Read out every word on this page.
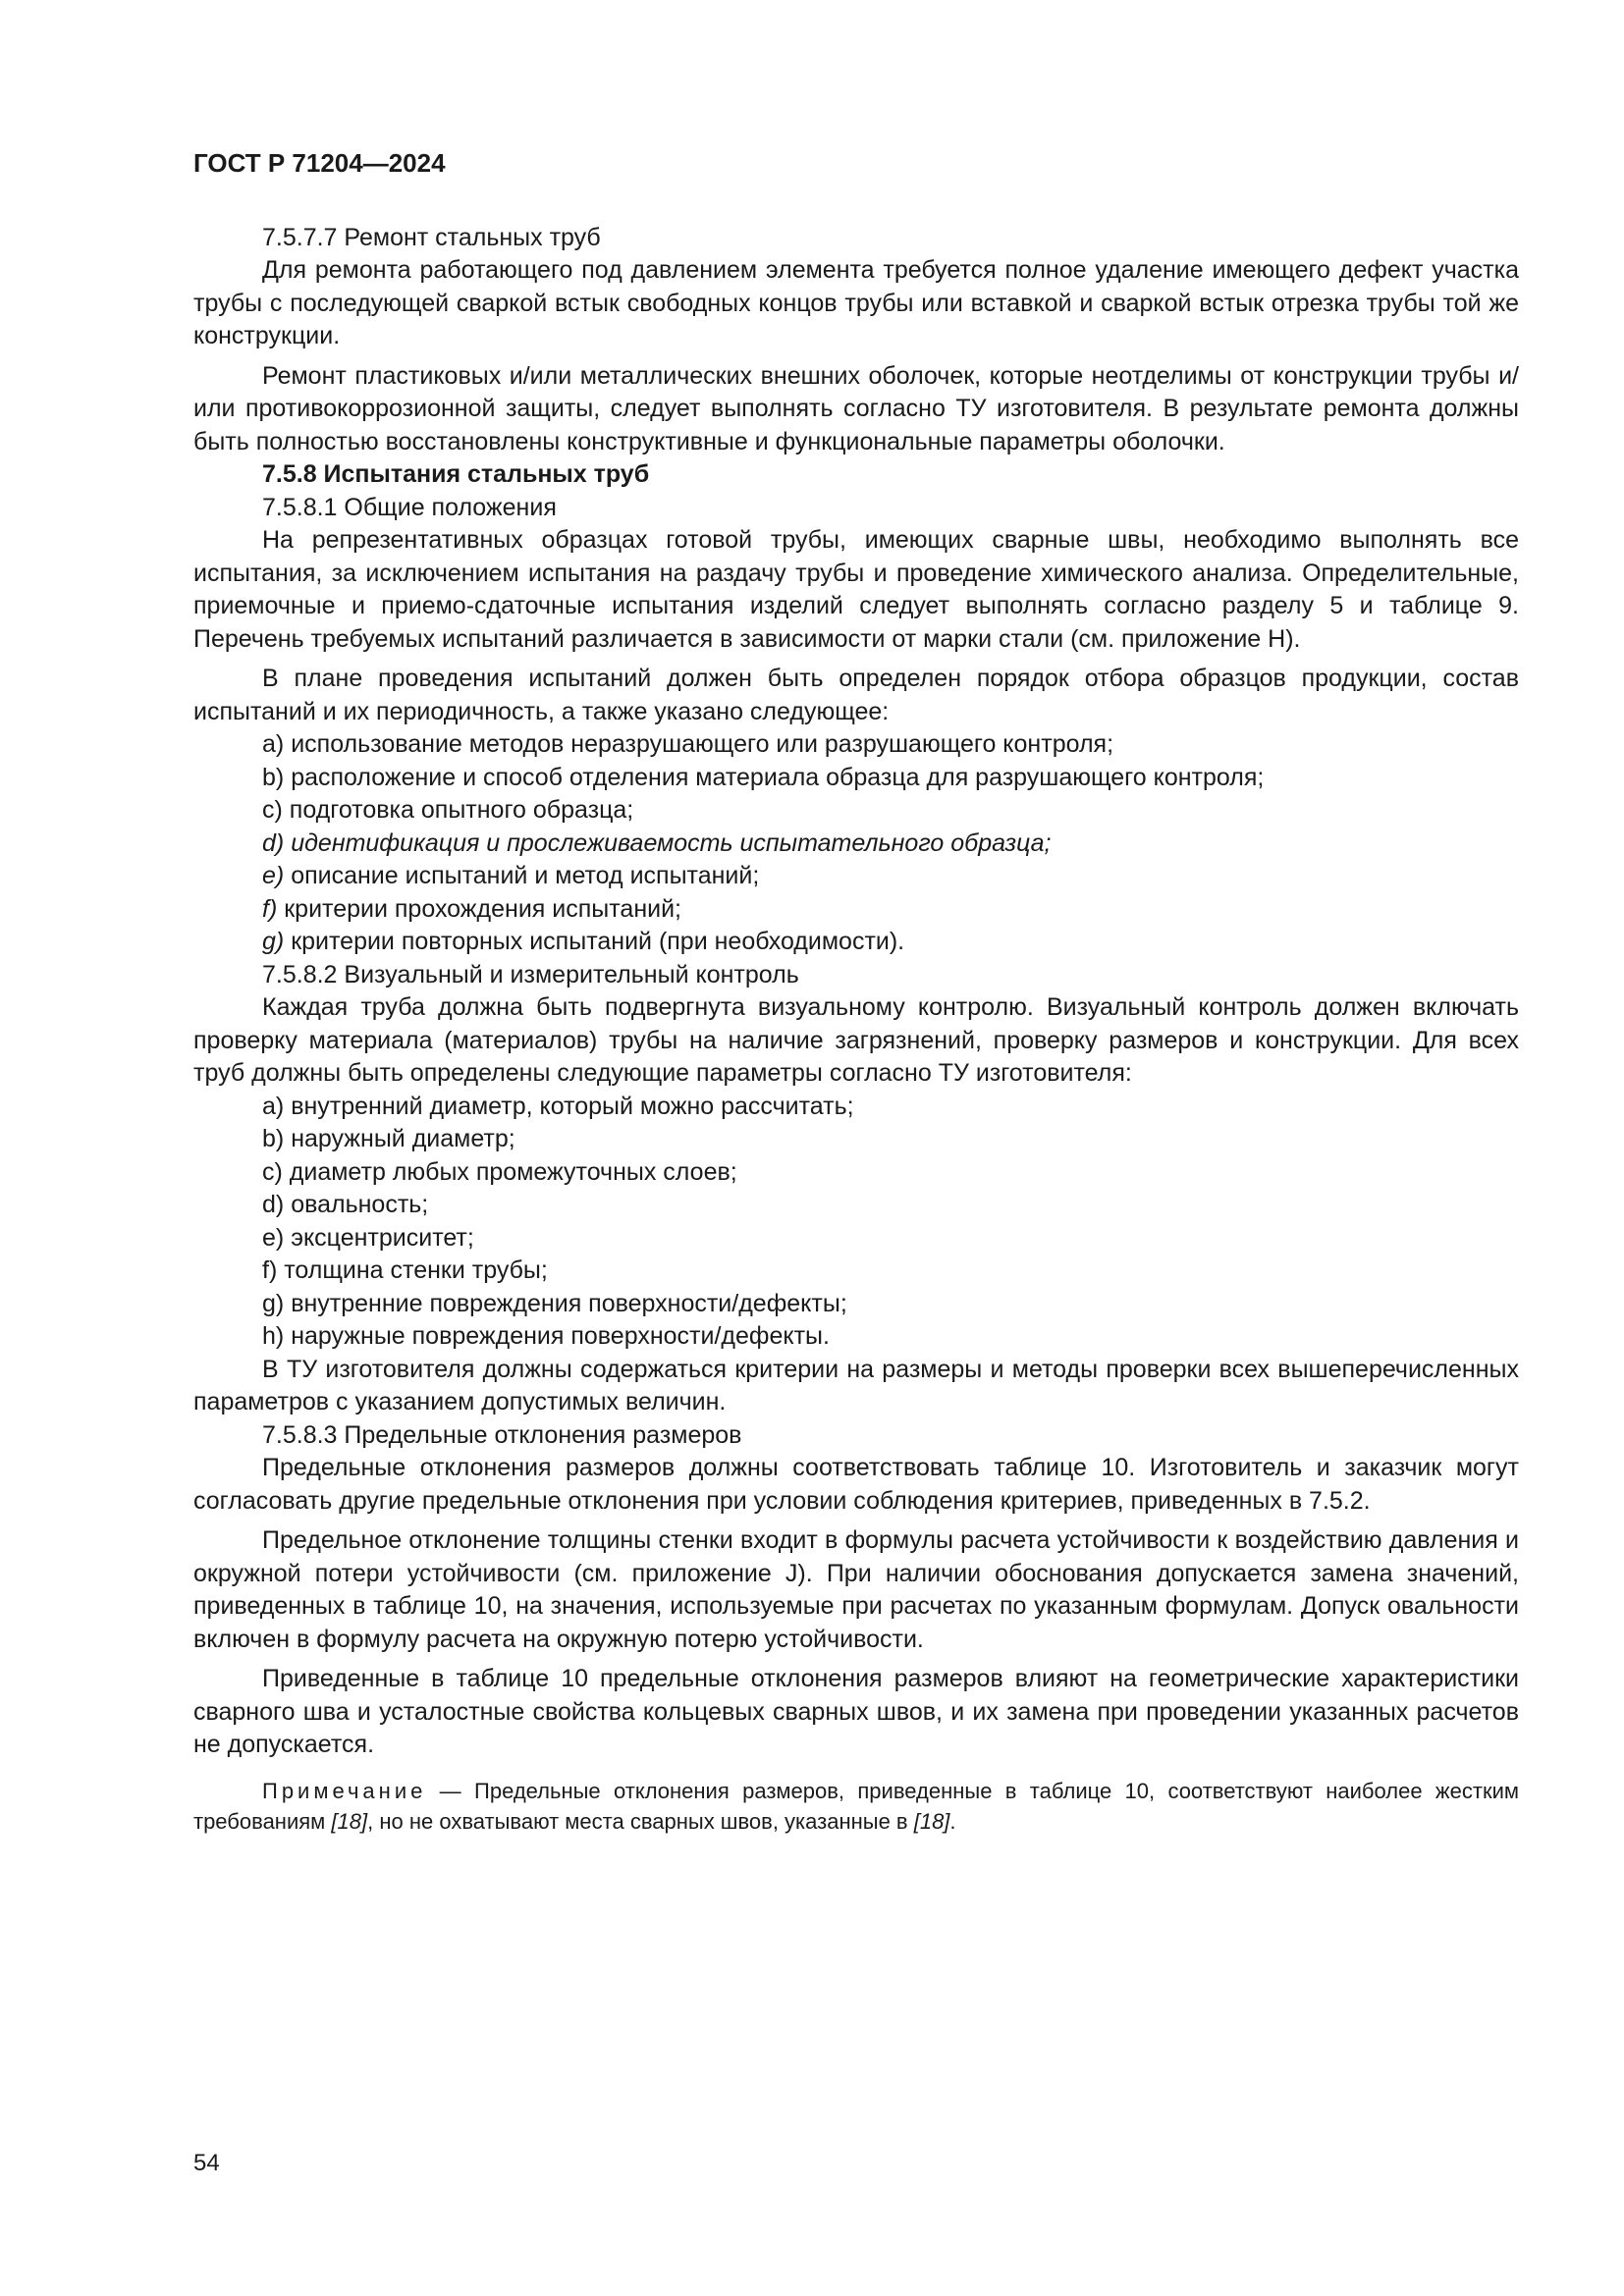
ГОСТ Р 71204—2024

7.5.7.7 Ремонт стальных труб

Для ремонта работающего под давлением элемента требуется полное удаление имеющего дефект участка трубы с последующей сваркой встык свободных концов трубы или вставкой и сваркой встык отрезка трубы той же конструкции.

Ремонт пластиковых и/или металлических внешних оболочек, которые неотделимы от конструкции трубы и/или противокоррозионной защиты, следует выполнять согласно ТУ изготовителя. В результате ремонта должны быть полностью восстановлены конструктивные и функциональные параметры оболочки.

7.5.8 Испытания стальных труб

7.5.8.1 Общие положения

На репрезентативных образцах готовой трубы, имеющих сварные швы, необходимо выполнять все испытания, за исключением испытания на раздачу трубы и проведение химического анализа. Определительные, приемочные и приемо-сдаточные испытания изделий следует выполнять согласно разделу 5 и таблице 9. Перечень требуемых испытаний различается в зависимости от марки стали (см. приложение Н).

В плане проведения испытаний должен быть определен порядок отбора образцов продукции, состав испытаний и их периодичность, а также указано следующее:

а) использование методов неразрушающего или разрушающего контроля;

b) расположение и способ отделения материала образца для разрушающего контроля;

с) подготовка опытного образца;

d) идентификация и прослеживаемость испытательного образца;

е) описание испытаний и метод испытаний;

f) критерии прохождения испытаний;

g) критерии повторных испытаний (при необходимости).

7.5.8.2 Визуальный и измерительный контроль

Каждая труба должна быть подвергнута визуальному контролю. Визуальный контроль должен включать проверку материала (материалов) трубы на наличие загрязнений, проверку размеров и конструкции. Для всех труб должны быть определены следующие параметры согласно ТУ изготовителя:

а) внутренний диаметр, который можно рассчитать;

b) наружный диаметр;

с) диаметр любых промежуточных слоев;

d) овальность;

е) эксцентриситет;

f) толщина стенки трубы;

g) внутренние повреждения поверхности/дефекты;

h) наружные повреждения поверхности/дефекты.

В ТУ изготовителя должны содержаться критерии на размеры и методы проверки всех вышеперечисленных параметров с указанием допустимых величин.

7.5.8.3 Предельные отклонения размеров

Предельные отклонения размеров должны соответствовать таблице 10. Изготовитель и заказчик могут согласовать другие предельные отклонения при условии соблюдения критериев, приведенных в 7.5.2.

Предельное отклонение толщины стенки входит в формулы расчета устойчивости к воздействию давления и окружной потери устойчивости (см. приложение J). При наличии обоснования допускается замена значений, приведенных в таблице 10, на значения, используемые при расчетах по указанным формулам. Допуск овальности включен в формулу расчета на окружную потерю устойчивости.

Приведенные в таблице 10 предельные отклонения размеров влияют на геометрические характеристики сварного шва и усталостные свойства кольцевых сварных швов, и их замена при проведении указанных расчетов не допускается.

Примечание — Предельные отклонения размеров, приведенные в таблице 10, соответствуют наиболее жестким требованиям [18], но не охватывают места сварных швов, указанные в [18].

54
